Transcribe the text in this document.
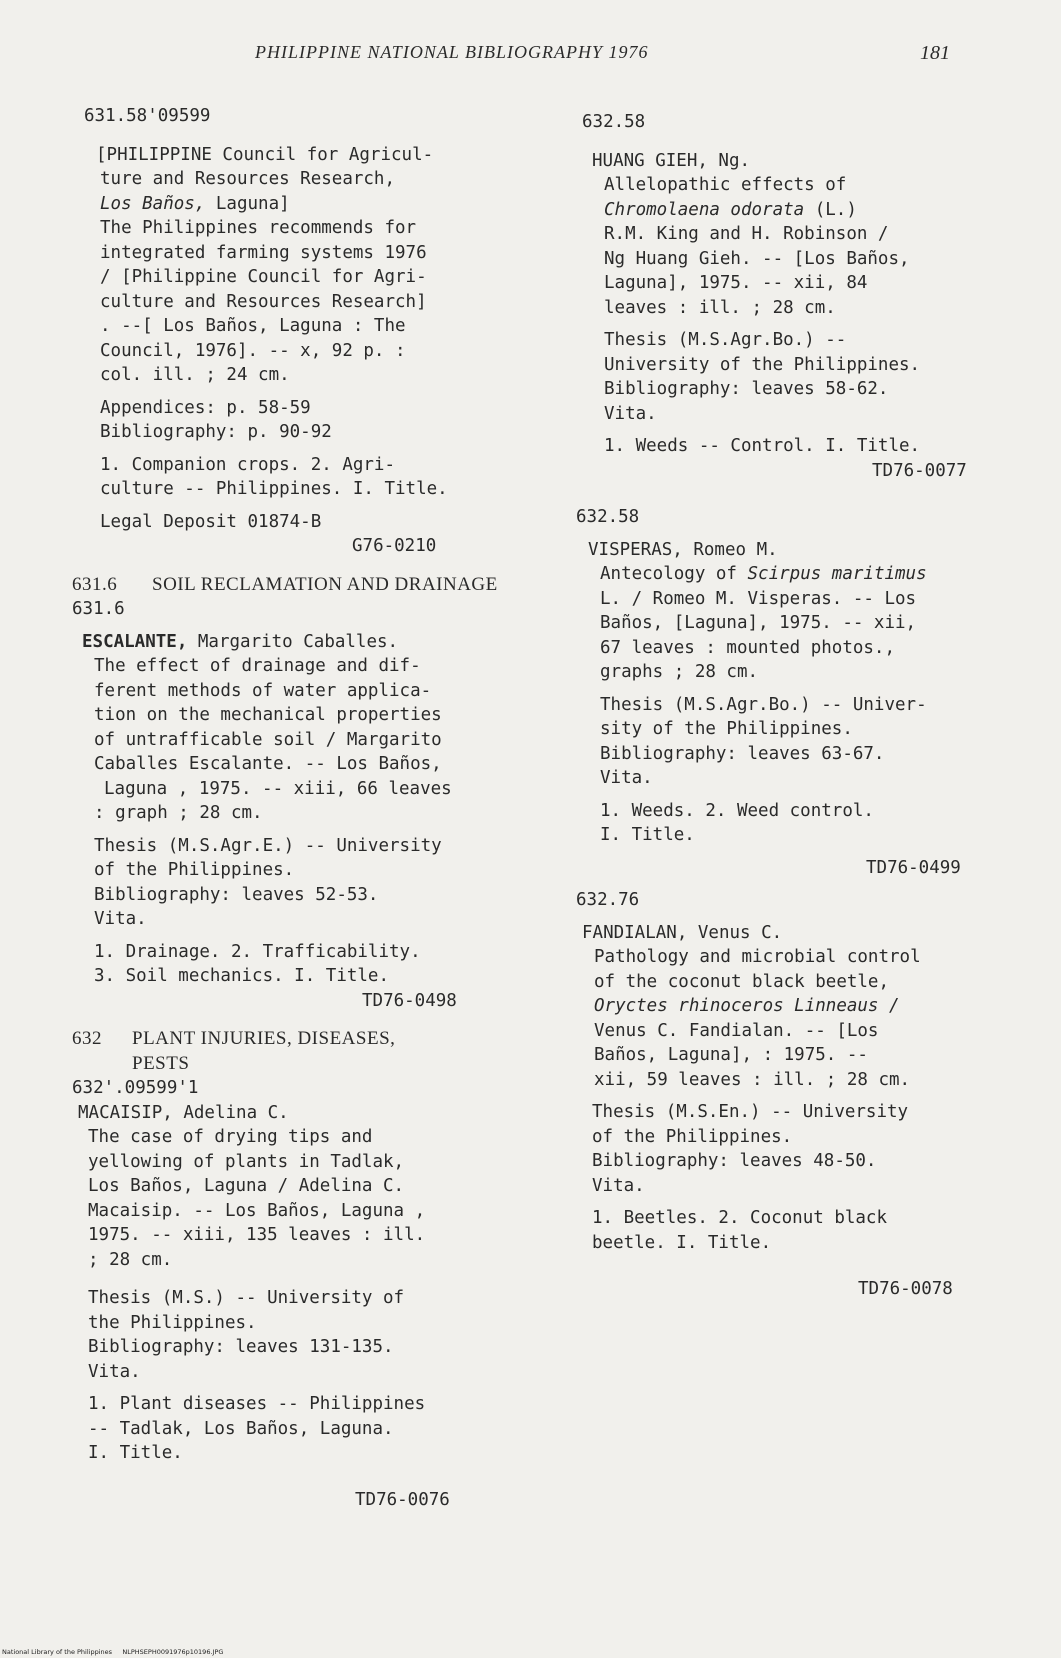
PHILIPPINE NATIONAL BIBLIOGRAPHY 1976	181
631.58'09599
[PHILIPPINE Council for Agricul-
ture and Resources Research,
Los Baños, Laguna]
The Philippines recommends for
integrated farming systems 1976
/ [Philippine Council for Agri-
culture and Resources Research]
. --[ Los Baños, Laguna : The
Council, 1976]. -- x, 92 p. :
col. ill. ; 24 cm.
Appendices: p. 58-59
Bibliography: p. 90-92
1. Companion crops. 2. Agri-
culture -- Philippines. I. Title.
Legal Deposit 01874-B
G76-0210
631.6 SOIL RECLAMATION AND DRAINAGE
631.6
ESCALANTE, Margarito Caballes.
The effect of drainage and dif-
ferent methods of water applica-
tion on the mechanical properties
of untrafficable soil / Margarito
Caballes Escalante. -- Los Baños,
Laguna , 1975. -- xiii, 66 leaves
: graph ; 28 cm.
Thesis (M.S.Agr.E.) -- University
of the Philippines.
Bibliography: leaves 52-53.
Vita.
1. Drainage. 2. Trafficability.
3. Soil mechanics. I. Title.
TD76-0498
632 PLANT INJURIES, DISEASES,
PESTS
632'.09599'1
MACAISIP, Adelina C.
The case of drying tips and
yellowing of plants in Tadlak,
Los Baños, Laguna / Adelina C.
Macaisip. -- Los Baños, Laguna ,
1975. -- xiii, 135 leaves : ill.
; 28 cm.
Thesis (M.S.) -- University of
the Philippines.
Bibliography: leaves 131-135.
Vita.
1. Plant diseases -- Philippines
-- Tadlak, Los Baños, Laguna.
I. Title.
TD76-0076
632.58
HUANG GIEH, Ng.
Allelopathic effects of
Chromolaena odorata (L.)
R.M. King and H. Robinson /
Ng Huang Gieh. -- [Los Baños,
Laguna], 1975. -- xii, 84
leaves : ill. ; 28 cm.
Thesis (M.S.Agr.Bo.) --
University of the Philippines.
Bibliography: leaves 58-62.
Vita.
1. Weeds -- Control. I. Title.
TD76-0077
632.58
VISPERAS, Romeo M.
Antecology of Scirpus maritimus
L. / Romeo M. Visperas. -- Los
Baños, [Laguna], 1975. -- xii,
67 leaves : mounted photos.,
graphs ; 28 cm.
Thesis (M.S.Agr.Bo.) -- Univer-
sity of the Philippines.
Bibliography: leaves 63-67.
Vita.
1. Weeds. 2. Weed control.
I. Title.
TD76-0499
632.76
FANDIALAN, Venus C.
Pathology and microbial control
of the coconut black beetle,
Oryctes rhinoceros Linneaus /
Venus C. Fandialan. -- [Los
Baños, Laguna], : 1975. --
xii, 59 leaves : ill. ; 28 cm.
Thesis (M.S.En.) -- University
of the Philippines.
Bibliography: leaves 48-50.
Vita.
1. Beetles. 2. Coconut black
beetle. I. Title.
TD76-0078
National Library of the Philippines NLPHSEPH0091976p10196.JPG
